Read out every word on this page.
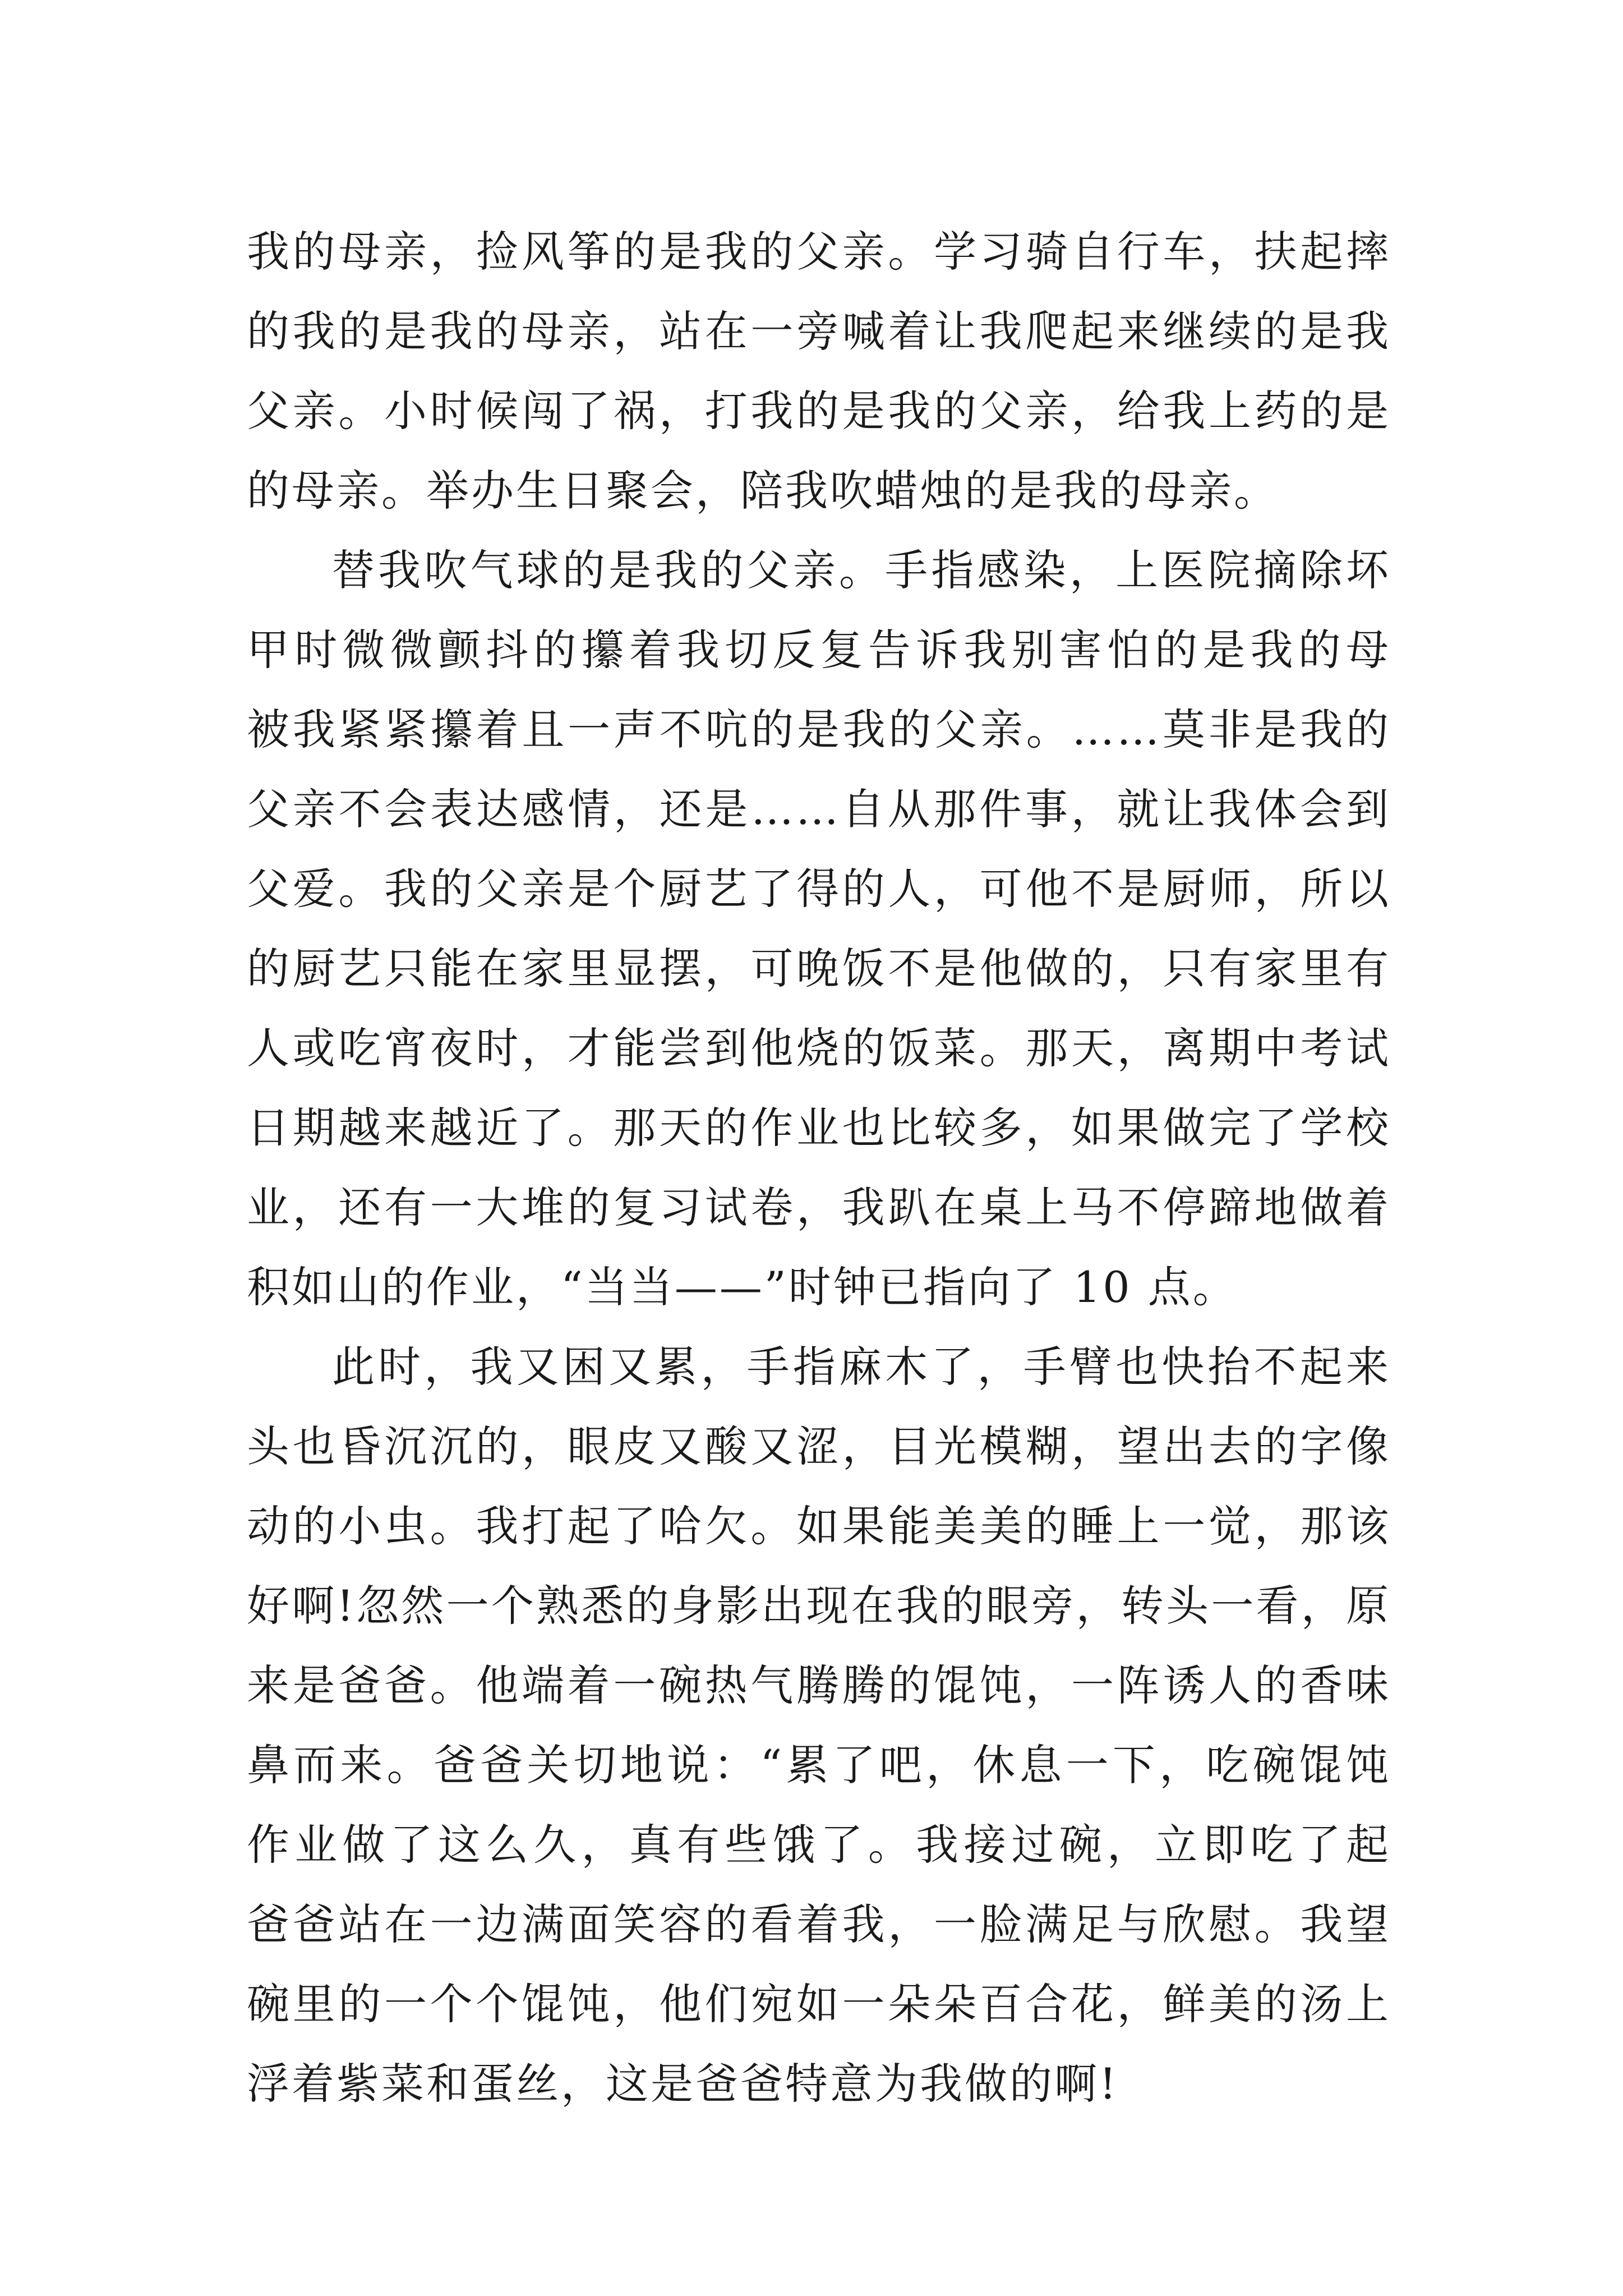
我的母亲，捡风筝的是我的父亲。学习骑自行车，扶起摔
的我的是我的母亲，站在一旁喊着让我爬起来继续的是我
父亲。小时候闯了祸，打我的是我的父亲，给我上药的是
的母亲。举办生日聚会，陪我吹蜡烛的是我的母亲。
替我吹气球的是我的父亲。手指感染，上医院摘除坏
甲时微微颤抖的攥着我切反复告诉我别害怕的是我的母
被我紧紧攥着且一声不吭的是我的父亲。……莫非是我的
父亲不会表达感情，还是……自从那件事，就让我体会到
父爱。我的父亲是个厨艺了得的人，可他不是厨师，所以
的厨艺只能在家里显摆，可晚饭不是他做的，只有家里有
人或吃宵夜时，才能尝到他烧的饭菜。那天，离期中考试
日期越来越近了。那天的作业也比较多，如果做完了学校
业，还有一大堆的复习试卷，我趴在桌上马不停蹄地做着
积如山的作业，“当当——”时钟已指向了 10 点。
此时，我又困又累，手指麻木了，手臂也快抬不起来
头也昏沉沉的，眼皮又酸又涩，目光模糊，望出去的字像
动的小虫。我打起了哈欠。如果能美美的睡上一觉，那该
好啊!忽然一个熟悉的身影出现在我的眼旁，转头一看，原
来是爸爸。他端着一碗热气腾腾的馄饨，一阵诱人的香味
鼻而来。爸爸关切地说：“累了吧，休息一下，吃碗馄饨
作业做了这么久，真有些饿了。我接过碗，立即吃了起
爸爸站在一边满面笑容的看着我，一脸满足与欣慰。我望
碗里的一个个馄饨，他们宛如一朵朵百合花，鲜美的汤上
浮着紫菜和蛋丝，这是爸爸特意为我做的啊!
